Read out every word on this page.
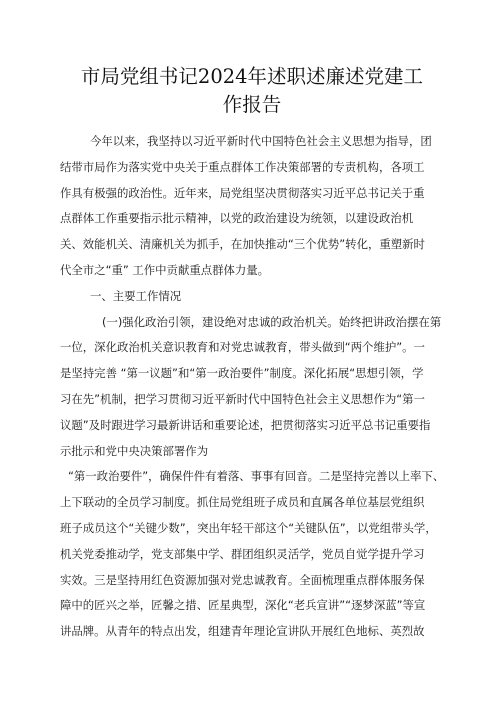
市局党组书记2024年述职述廉述党建工
作报告
今年以来，我坚持以习近平新时代中国特色社会主义思想为指导，团
结带市局作为落实党中央关于重点群体工作决策部署的专责机构，各项工
作具有极强的政治性。近年来，局党组坚决贯彻落实习近平总书记关于重
点群体工作重要指示批示精神，以党的政治建设为统领，以建设政治机
关、效能机关、清廉机关为抓手，在加快推动“三个优势”转化，重塑新时
代全市之“重” 工作中贡献重点群体力量。
一、主要工作情况
(一)强化政治引领，建设绝对忠诚的政治机关。始终把讲政治摆在第
一位，深化政治机关意识教育和对党忠诚教育，带头做到“两个维护”。一
是坚持完善 “第一议题”和“第一政治要件”制度。深化拓展“思想引领，学
习在先”机制，把学习贯彻习近平新时代中国特色社会主义思想作为“第一
议题”及时跟进学习最新讲话和重要论述，把贯彻落实习近平总书记重要指
示批示和党中央决策部署作为
“第一政治要件”，确保件件有着落、事事有回音。二是坚持完善以上率下、
上下联动的全员学习制度。抓住局党组班子成员和直属各单位基层党组织
班子成员这个“关键少数”，突出年轻干部这个“关键队伍”，以党组带头学，
机关党委推动学，党支部集中学、群团组织灵活学，党员自觉学提升学习
实效。三是坚持用红色资源加强对党忠诚教育。全面梳理重点群体服务保
障中的匠兴之举，匠馨之措、匠星典型，深化“老兵宣讲”“逐梦深蓝”等宣
讲品牌。从青年的特点出发，组建青年理论宣讲队开展红色地标、英烈故
